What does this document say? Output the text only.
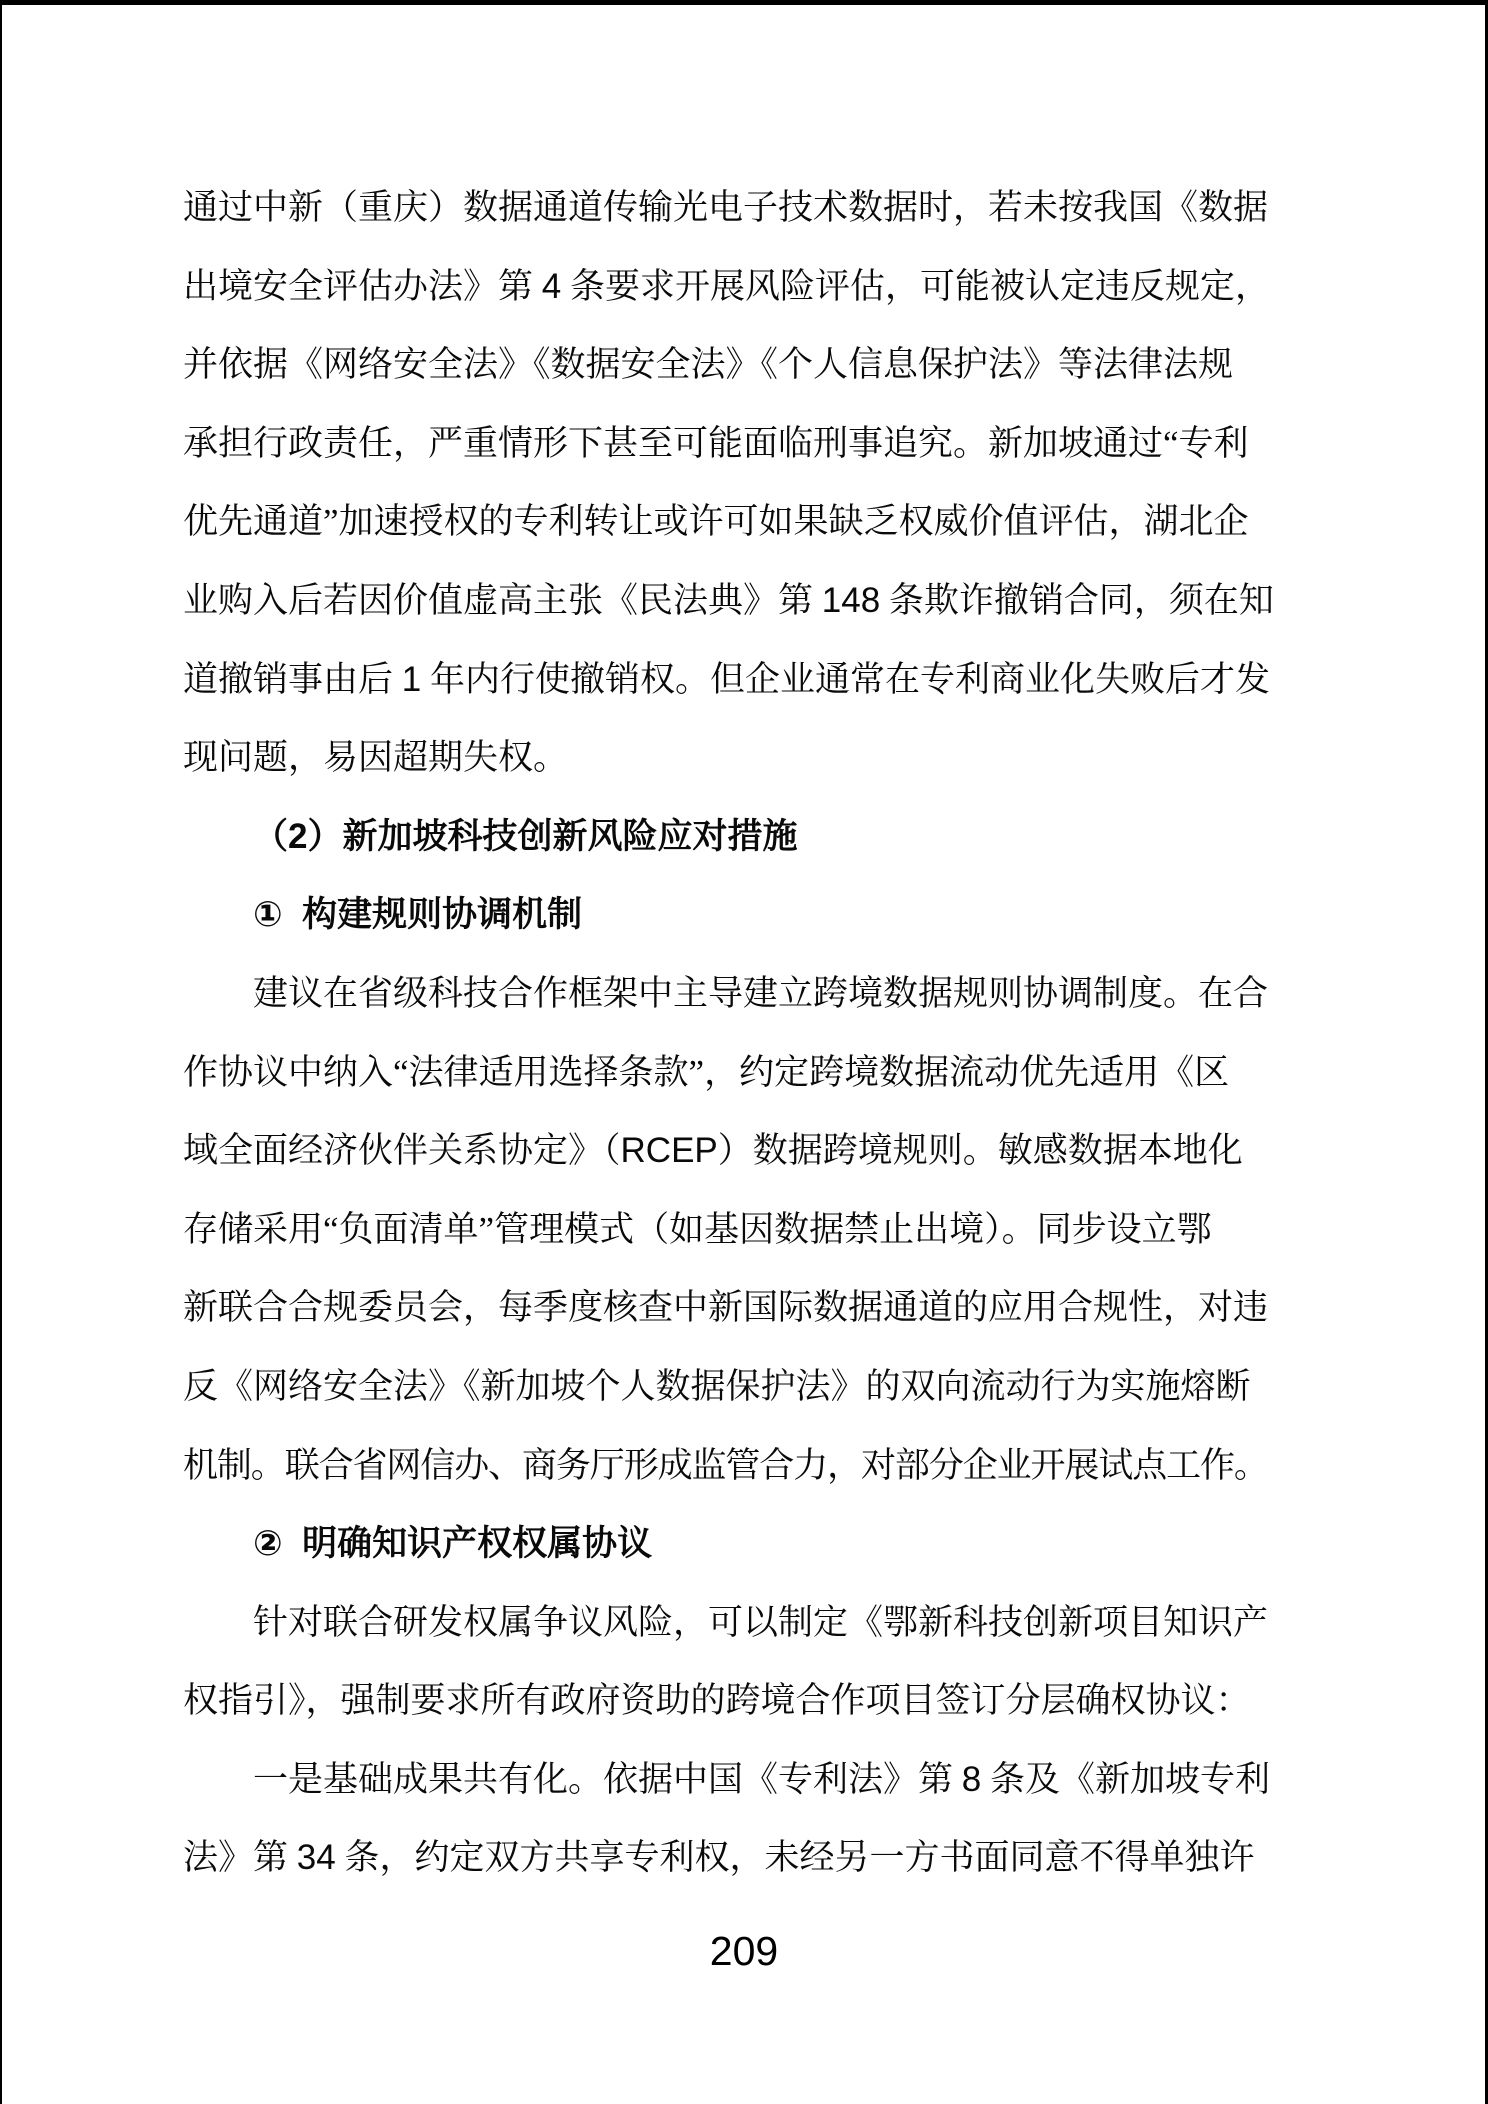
通过中新（重庆）数据通道传输光电子技术数据时，若未按我国《数据
出境安全评估办法》第 4 条要求开展风险评估，可能被认定违反规定，
并依据《网络安全法》《数据安全法》《个人信息保护法》等法律法规
承担行政责任，严重情形下甚至可能面临刑事追究。新加坡通过“专利
优先通道”加速授权的专利转让或许可如果缺乏权威价值评估，湖北企
业购入后若因价值虚高主张《民法典》第 148 条欺诈撤销合同，须在知
道撤销事由后 1 年内行使撤销权。但企业通常在专利商业化失败后才发
现问题，易因超期失权。
（2）新加坡科技创新风险应对措施
①  构建规则协调机制
建议在省级科技合作框架中主导建立跨境数据规则协调制度。在合
作协议中纳入“法律适用选择条款”，约定跨境数据流动优先适用《区
域全面经济伙伴关系协定》（RCEP）数据跨境规则。敏感数据本地化
存储采用“负面清单”管理模式（如基因数据禁止出境）。同步设立鄂
新联合合规委员会，每季度核查中新国际数据通道的应用合规性，对违
反《网络安全法》《新加坡个人数据保护法》的双向流动行为实施熔断
机制。联合省网信办、商务厅形成监管合力，对部分企业开展试点工作。
②  明确知识产权权属协议
针对联合研发权属争议风险，可以制定《鄂新科技创新项目知识产
权指引》，强制要求所有政府资助的跨境合作项目签订分层确权协议：
一是基础成果共有化。依据中国《专利法》第 8 条及《新加坡专利
法》第 34 条，约定双方共享专利权，未经另一方书面同意不得单独许
209
